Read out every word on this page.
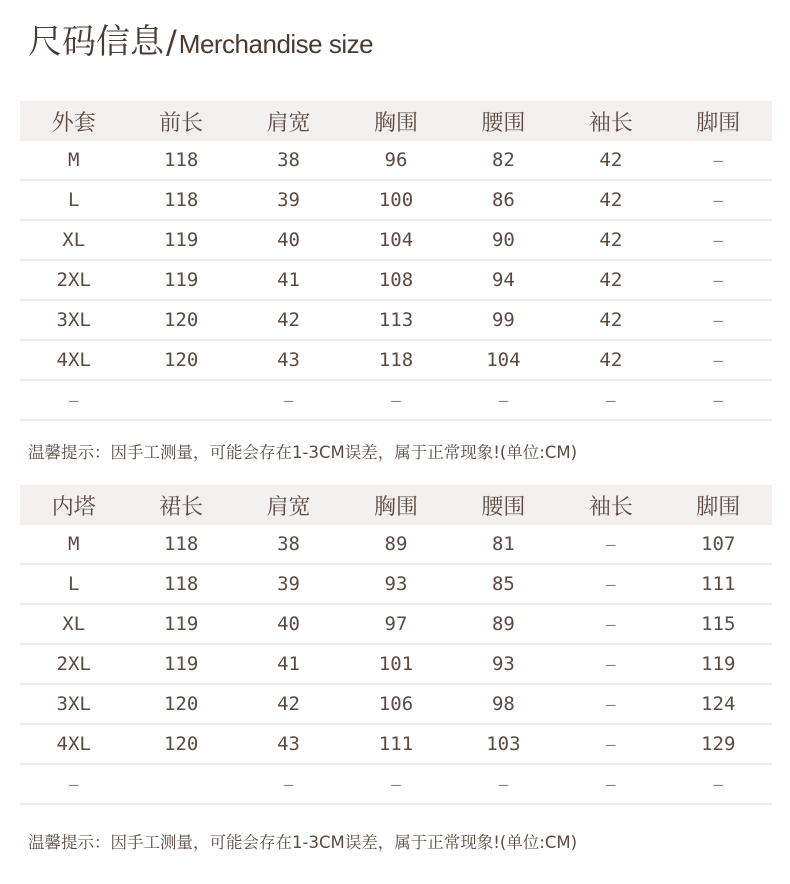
尺码信息 / Merchandise size
外套	前长	肩宽	胸围	腰围	袖长	脚围
M	118	38	96	82	42	–
L	118	39	100	86	42	–
XL	119	40	104	90	42	–
2XL	119	41	108	94	42	–
3XL	120	42	113	99	42	–
4XL	120	43	118	104	42	–
–		–	–	–	–	–
温馨提示：因手工测量，可能会存在1-3CM误差，属于正常现象!(单位:CM)
内塔	裙长	肩宽	胸围	腰围	袖长	脚围
M	118	38	89	81	–	107
L	118	39	93	85	–	111
XL	119	40	97	89	–	115
2XL	119	41	101	93	–	119
3XL	120	42	106	98	–	124
4XL	120	43	111	103	–	129
–		–	–	–	–	–
温馨提示：因手工测量，可能会存在1-3CM误差，属于正常现象!(单位:CM)
